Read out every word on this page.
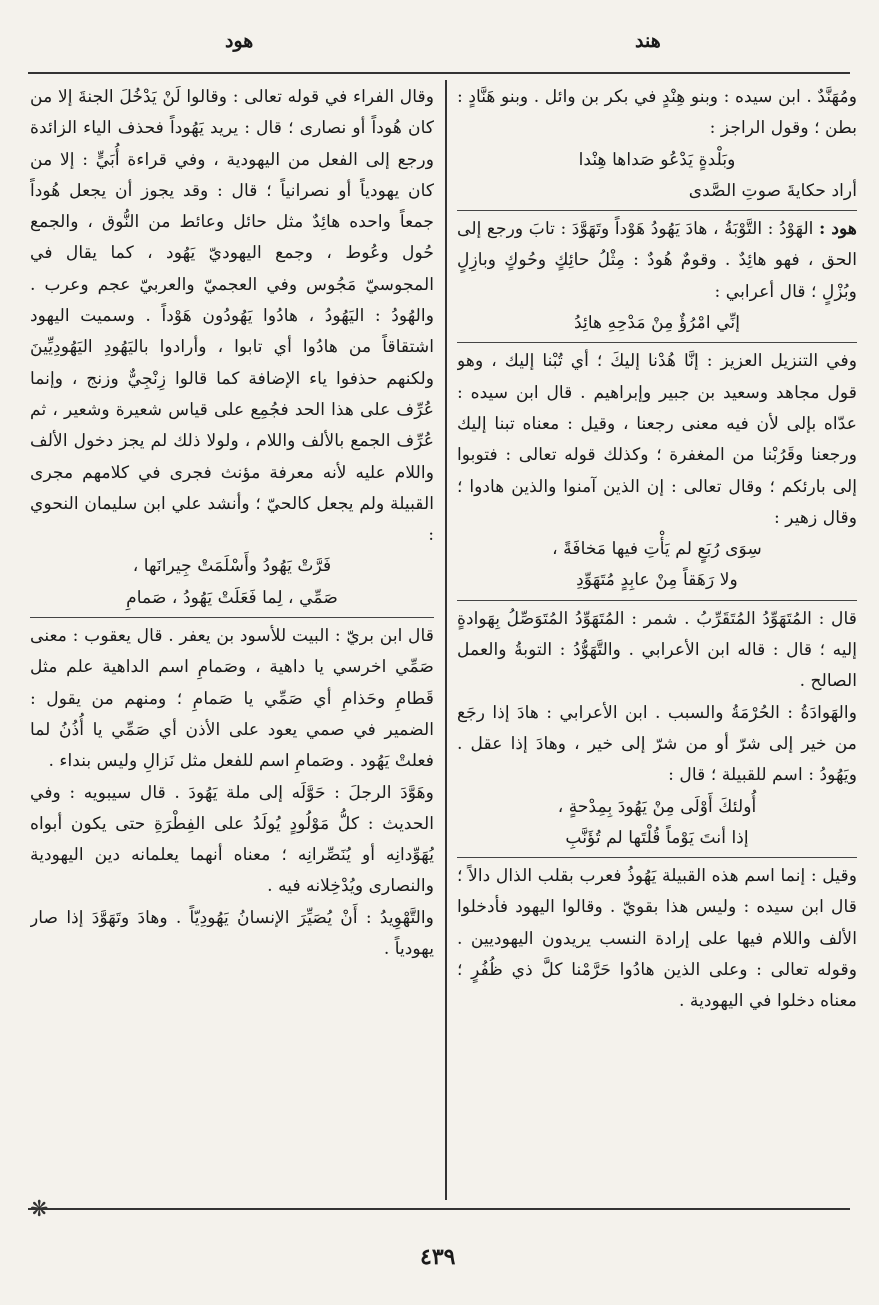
هند
هود

ومُهَنَّدٌ . ابن سيده : وبنو هِنْدٍ في بكر بن وائل . وبنو هَنَّادٍ : بطن ؛ وقول الراجز :

وبَلْدةٍ يَدْعُو صَداها هِنْدا

أراد حكايةَ صوتِ الصَّدى

هود : الهَوْدُ : التَّوْبَةُ ، هادَ يَهُودُ هَوْداً وتَهَوَّدَ : تابَ ورجع إلى الحق ، فهو هائِدٌ . وقومٌ هُودٌ : مِثْلُ حائِكٍ وحُوكٍ وبازِلٍ وبُزْلٍ ؛ قال أعرابي :

إنِّي امْرُؤٌ مِنْ مَدْحِهِ هائِدُ

وفي التنزيل العزيز : إنَّا هُدْنا إليكَ ؛ أي تُبْنا إليك ، وهو قول مجاهد وسعيد بن جبير وإبراهيم . قال ابن سيده : عدّاه بإلى لأن فيه معنى رجعنا ، وقيل : معناه تبنا إليك ورجعنا وقَرُبْنا من المغفرة ؛ وكذلك قوله تعالى : فتوبوا إلى بارئكم ؛ وقال تعالى : إن الذين آمنوا والذين هادوا ؛ وقال زهير :

سِوَى رُبَعٍ لم يَأْتِ فيها مَخافَةً ،

ولا رَهَقاً مِنْ عابِدٍ مُتَهَوِّدِ

قال : المُتَهَوِّدُ المُتَقَرِّبُ . شمر : المُتَهَوِّدُ المُتَوَصِّلُ بِهَوادةٍ إليه ؛ قال : قاله ابن الأعرابي . والتَّهَوُّدُ : التوبةُ والعمل الصالح .

والهَوادَةُ : الحُرْمَةُ والسبب . ابن الأعرابي : هادَ إذا رجَع من خير إلى شرّ أو من شرّ إلى خير ، وهادَ إذا عقل . ويَهُودُ : اسم للقبيلة ؛ قال :

أُولئكَ أَوْلَى مِنْ يَهُودَ بِمِدْحةٍ ،

إذا أنتَ يَوْماً قُلْتَها لم تُؤَنَّبِ

وقيل : إنما اسم هذه القبيلة يَهُوذُ فعرب بقلب الذال دالاً ؛ قال ابن سيده : وليس هذا بقويّ . وقالوا اليهود فأدخلوا الألف واللام فيها على إرادة النسب يريدون اليهوديين . وقوله تعالى : وعلى الذين هادُوا حَرَّمْنا كلَّ ذي ظُفُرٍ ؛ معناه دخلوا في اليهودية .

وقال الفراء في قوله تعالى : وقالوا لَنْ يَدْخُلَ الجنةَ إلا من كان هُوداً أو نصارى ؛ قال : يريد يَهُوداً فحذف الياء الزائدة ورجع إلى الفعل من اليهودية ، وفي قراءة أُبَيٍّ : إلا من كان يهودياً أو نصرانياً ؛ قال : وقد يجوز أن يجعل هُوداً جمعاً واحده هائِدٌ مثل حائل وعائط من النُّوق ، والجمع حُول وعُوط ، وجمع اليهوديّ يَهُود ، كما يقال في المجوسيّ مَجُوس وفي العجميّ والعربيّ عجم وعرب . والهُودُ : اليَهُودُ ، هادُوا يَهُودُون هَوْداً . وسميت اليهود اشتقاقاً من هادُوا أي تابوا ، وأرادوا باليَهُودِ اليَهُودِيِّينَ ولكنهم حذفوا ياء الإضافة كما قالوا زِنْجِيٌّ وزنج ، وإنما عُرِّف على هذا الحد فجُمِع على قياس شعيرة وشعير ، ثم عُرِّف الجمع بالألف واللام ، ولولا ذلك لم يجز دخول الألف واللام عليه لأنه معرفة مؤنث فجرى في كلامهم مجرى القبيلة ولم يجعل كالحيّ ؛ وأنشد علي ابن سليمان النحوي :

فَرَّتْ يَهُودُ وأَسْلَمَتْ جِيرانَها ،

صَمِّي ، لِما فَعَلَتْ يَهُودُ ، صَمامِ

قال ابن بريّ : البيت للأسود بن يعفر . قال يعقوب : معنى صَمِّي اخرسي يا داهية ، وصَمامِ اسم الداهية علم مثل قَطامِ وحَذامِ أي صَمِّي يا صَمامِ ؛ ومنهم من يقول : الضمير في صمي يعود على الأذن أي صَمِّي يا أُذُنُ لما فعلتْ يَهُود . وصَمامِ اسم للفعل مثل نَزالِ وليس بنداء .

وهَوَّدَ الرجلَ : حَوَّلَه إلى ملة يَهُودَ . قال سيبويه : وفي الحديث : كلُّ مَوْلُودٍ يُولَدُ على الفِطْرَةِ حتى يكون أبواه يُهَوِّدانِه أو يُنَصِّرانِه ؛ معناه أنهما يعلمانه دين اليهودية والنصارى ويُدْخِلانه فيه .

والتَّهْوِيدُ : أَنْ يُصَيِّرَ الإنسانُ يَهُودِيّاً . وهادَ وتَهَوَّدَ إذا صار يهودياً .

❋
٤٣٩
